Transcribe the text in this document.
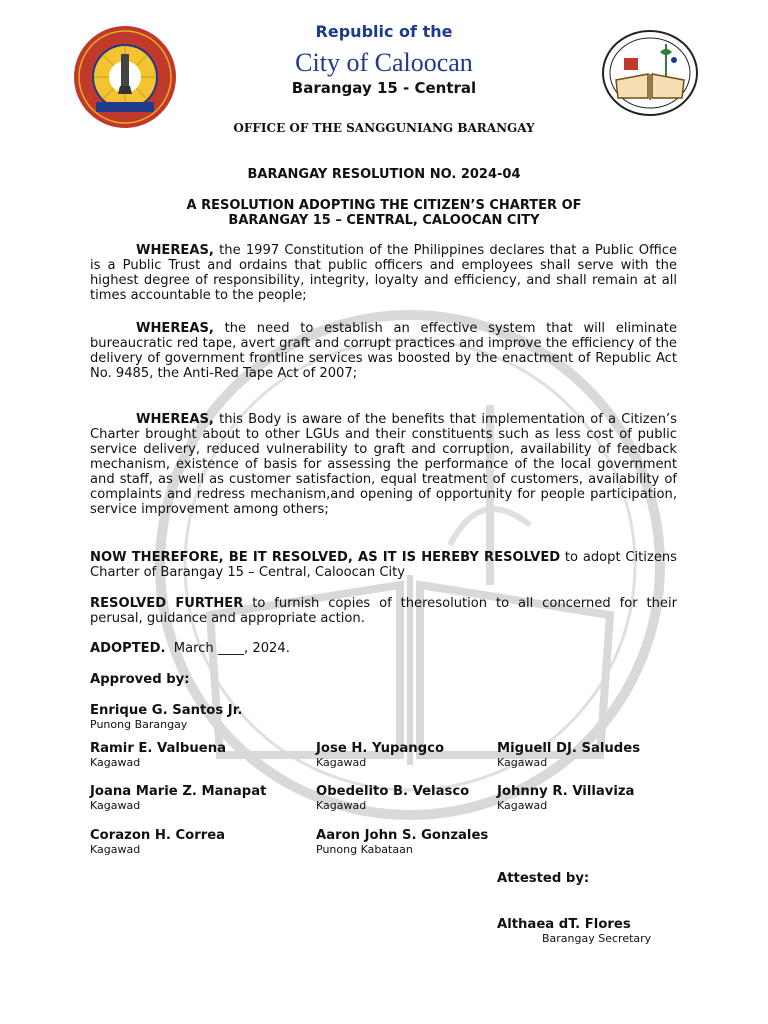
Republic of the
City of Caloocan
Barangay 15 - Central
OFFICE OF THE SANGGUNIANG BARANGAY
BARANGAY RESOLUTION NO. 2024-04
A RESOLUTION ADOPTING THE CITIZEN’S CHARTER OF
BARANGAY 15 – CENTRAL, CALOOCAN CITY
WHEREAS, the 1997 Constitution of the Philippines declares that a Public Office is a Public Trust and ordains that public officers and employees shall serve with the highest degree of responsibility, integrity, loyalty and efficiency, and shall remain at all times accountable to the people;
WHEREAS, the need to establish an effective system that will eliminate bureaucratic red tape, avert graft and corrupt practices and improve the efficiency of the delivery of government frontline services was boosted by the enactment of Republic Act No. 9485, the Anti-Red Tape Act of 2007;
WHEREAS, this Body is aware of the benefits that implementation of a Citizen’s Charter brought about to other LGUs and their constituents such as less cost of public service delivery, reduced vulnerability to graft and corruption, availability of feedback mechanism, existence of basis for assessing the performance of the local government and staff, as well as customer satisfaction, equal treatment of customers, availability of complaints and redress mechanism,and opening of opportunity for people participation, service improvement among others;
NOW THEREFORE, BE IT RESOLVED, AS IT IS HEREBY RESOLVED to adopt Citizens Charter of Barangay 15 – Central, Caloocan City
RESOLVED FURTHER to furnish copies of theresolution to all concerned for their perusal, guidance and appropriate action.
ADOPTED. March ____, 2024.
Approved by:
Enrique G. Santos Jr.
Punong Barangay
Ramir E. Valbuena
Kagawad
Jose H. Yupangco
Kagawad
Miguell DJ. Saludes
Kagawad
Joana Marie Z. Manapat
Kagawad
Obedelito B. Velasco
Kagawad
Johnny R. Villaviza
Kagawad
Corazon H. Correa
Kagawad
Aaron John S. Gonzales
Punong Kabataan
Attested by:
Althaea dT. Flores
Barangay Secretary
